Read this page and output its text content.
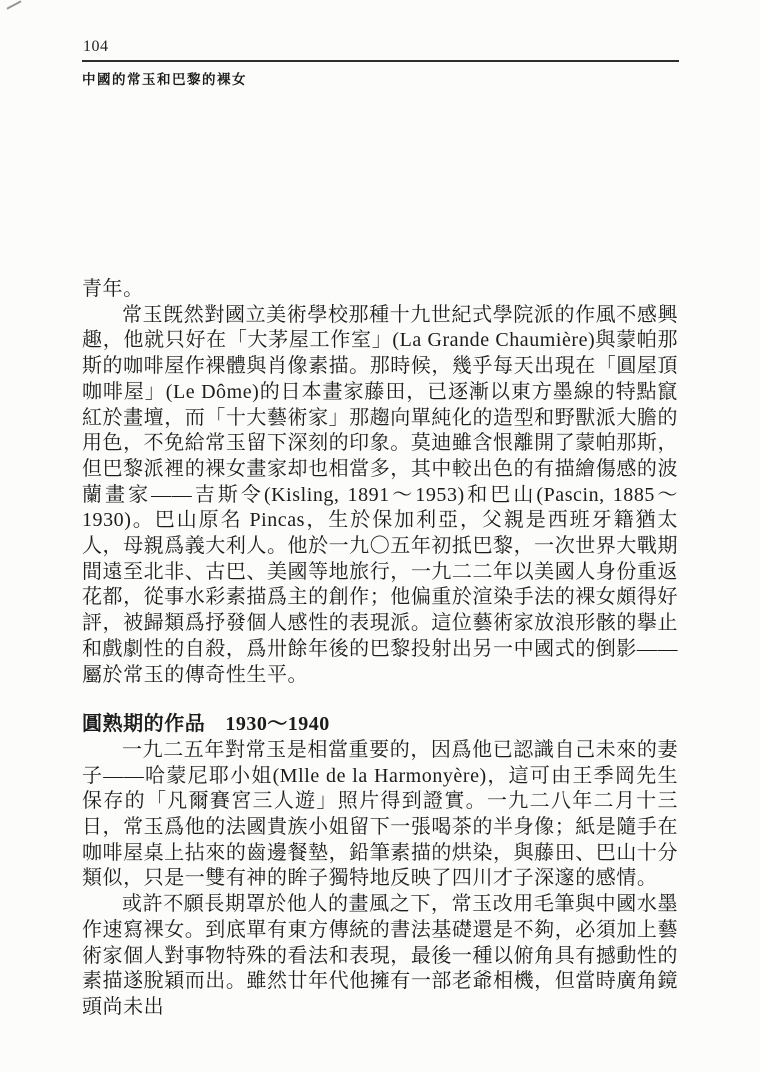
104
中國的常玉和巴黎的裸女

青年。

常玉旣然對國立美術學校那種十九世紀式學院派的作風不感興趣，他就只好在「大茅屋工作室」(La Grande Chaumière)與蒙帕那斯的咖啡屋作裸體與肖像素描。那時候，幾乎每天出現在「圓屋頂咖啡屋」(Le Dôme)的日本畫家藤田，已逐漸以東方墨線的特點竄紅於畫壇，而「十大藝術家」那趨向單純化的造型和野獸派大膽的用色，不免給常玉留下深刻的印象。莫迪雖含恨離開了蒙帕那斯，但巴黎派裡的裸女畫家却也相當多，其中較出色的有描繪傷感的波蘭畫家——吉斯令(Kisling, 1891～1953)和巴山(Pascin, 1885～1930)。巴山原名 Pincas，生於保加利亞，父親是西班牙籍猶太人，母親爲義大利人。他於一九〇五年初抵巴黎，一次世界大戰期間遠至北非、古巴、美國等地旅行，一九二二年以美國人身份重返花都，從事水彩素描爲主的創作；他偏重於渲染手法的裸女頗得好評，被歸類爲抒發個人感性的表現派。這位藝術家放浪形骸的擧止和戲劇性的自殺，爲卅餘年後的巴黎投射出另一中國式的倒影——屬於常玉的傳奇性生平。

圓熟期的作品 1930～1940

一九二五年對常玉是相當重要的，因爲他已認識自己未來的妻子——哈蒙尼耶小姐(Mlle de la Harmonyère)，這可由王季岡先生保存的「凡爾賽宮三人遊」照片得到證實。一九二八年二月十三日，常玉爲他的法國貴族小姐留下一張喝茶的半身像；紙是隨手在咖啡屋桌上拈來的齒邊餐墊，鉛筆素描的烘染，與藤田、巴山十分類似，只是一雙有神的眸子獨特地反映了四川才子深邃的感情。

或許不願長期罩於他人的畫風之下，常玉改用毛筆與中國水墨作速寫裸女。到底單有東方傳統的書法基礎還是不夠，必須加上藝術家個人對事物特殊的看法和表現，最後一種以俯角具有撼動性的素描遂脫穎而出。雖然廿年代他擁有一部老爺相機，但當時廣角鏡頭尚未出
